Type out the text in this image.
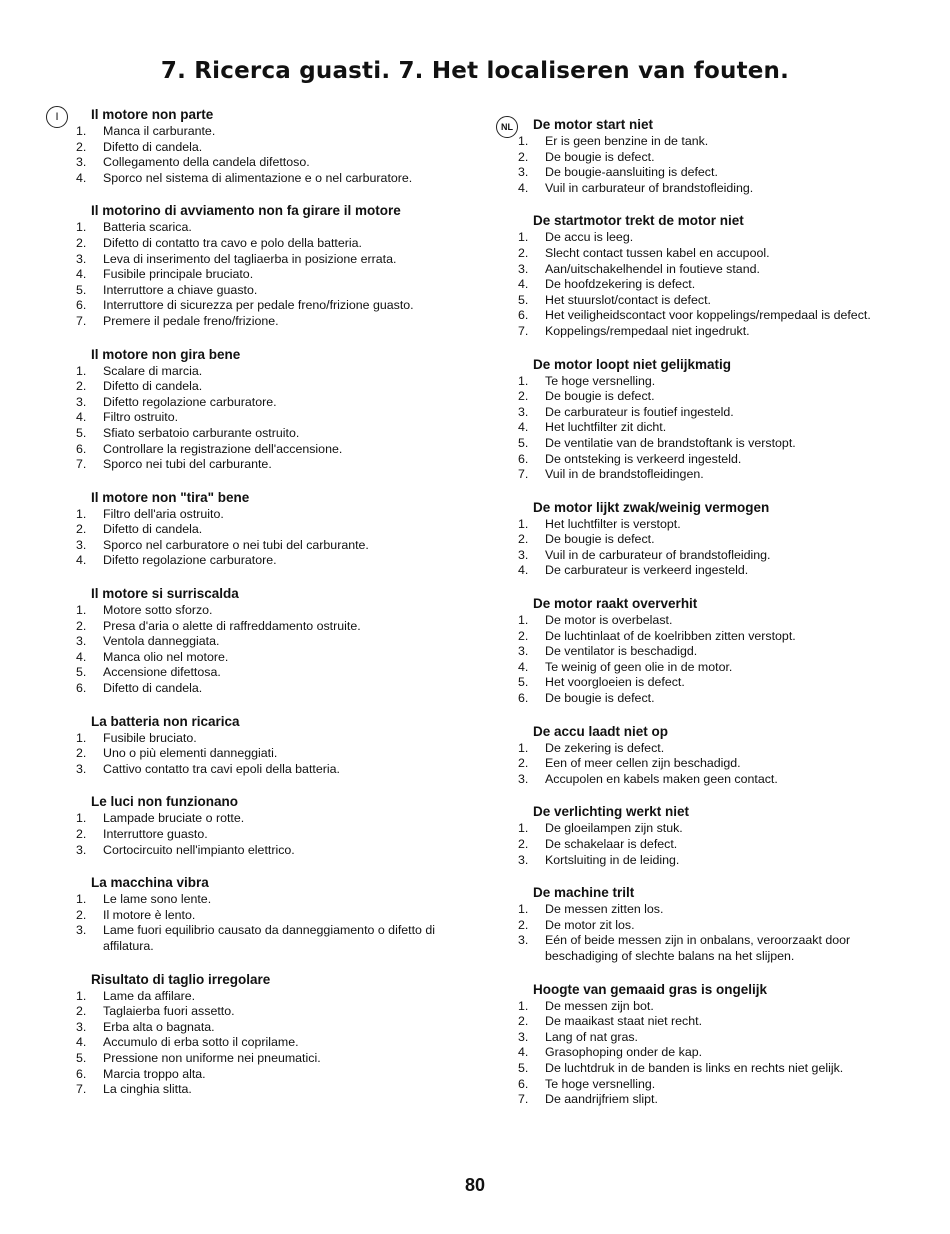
7. Ricerca guasti. 7. Het localiseren van fouten.
I
NL
Il motore non parte
1. Manca il carburante.
2. Difetto di candela.
3. Collegamento della candela difettoso.
4. Sporco nel sistema di alimentazione e o nel carburatore.
Il motorino di avviamento non fa girare il motore
1. Batteria scarica.
2. Difetto di contatto tra cavo e polo della batteria.
3. Leva di inserimento del tagliaerba in posizione errata.
4. Fusibile principale bruciato.
5. Interruttore a chiave guasto.
6. Interruttore di sicurezza per pedale freno/frizione guasto.
7. Premere il pedale freno/frizione.
Il motore non gira bene
1. Scalare di marcia.
2. Difetto di candela.
3. Difetto regolazione carburatore.
4. Filtro ostruito.
5. Sfiato serbatoio carburante ostruito.
6. Controllare la registrazione dell'accensione.
7. Sporco nei tubi del carburante.
Il motore non "tira" bene
1. Filtro dell'aria ostruito.
2. Difetto di candela.
3. Sporco nel carburatore o nei tubi del carburante.
4. Difetto regolazione carburatore.
Il motore si surriscalda
1. Motore sotto sforzo.
2. Presa d'aria o alette di raffreddamento ostruite.
3. Ventola danneggiata.
4. Manca olio nel motore.
5. Accensione difettosa.
6. Difetto di candela.
La batteria non ricarica
1. Fusibile bruciato.
2. Uno o più elementi danneggiati.
3. Cattivo contatto tra cavi epoli della batteria.
Le luci non funzionano
1. Lampade bruciate o rotte.
2. Interruttore guasto.
3. Cortocircuito nell'impianto elettrico.
La macchina vibra
1. Le lame sono lente.
2. Il motore è lento.
3. Lame fuori equilibrio causato da danneggiamento o difetto di affilatura.
Risultato di taglio irregolare
1. Lame da affilare.
2. Taglaierba fuori assetto.
3. Erba alta o bagnata.
4. Accumulo di erba sotto il coprilame.
5. Pressione non uniforme nei pneumatici.
6. Marcia troppo alta.
7. La cinghia slitta.
De motor start niet
1. Er is geen benzine in de tank.
2. De bougie is defect.
3. De bougie-aansluiting is defect.
4. Vuil in carburateur of brandstofleiding.
De startmotor trekt de motor niet
1. De accu is leeg.
2. Slecht contact tussen kabel en accupool.
3. Aan/uitschakelhendel in foutieve stand.
4. De hoofdzekering is defect.
5. Het stuurslot/contact is defect.
6. Het veiligheidscontact voor koppelings/rempedaal is defect.
7. Koppelings/rempedaal niet ingedrukt.
De motor loopt niet gelijkmatig
1. Te hoge versnelling.
2. De bougie is defect.
3. De carburateur is foutief ingesteld.
4. Het luchtfilter zit dicht.
5. De ventilatie van de brandstoftank is verstopt.
6. De ontsteking is verkeerd ingesteld.
7. Vuil in de brandstofleidingen.
De motor lijkt zwak/weinig vermogen
1. Het luchtfilter is verstopt.
2. De bougie is defect.
3. Vuil in de carburateur of brandstofleiding.
4. De carburateur is verkeerd ingesteld.
De motor raakt oververhit
1. De motor is overbelast.
2. De luchtinlaat of de koelribben zitten verstopt.
3. De ventilator is beschadigd.
4. Te weinig of geen olie in de motor.
5. Het voorgloeien is defect.
6. De bougie is defect.
De accu laadt niet op
1. De zekering is defect.
2. Een of meer cellen zijn beschadigd.
3. Accupolen en kabels maken geen contact.
De verlichting werkt niet
1. De gloeilampen zijn stuk.
2. De schakelaar is defect.
3. Kortsluiting in de leiding.
De machine trilt
1. De messen zitten los.
2. De motor zit los.
3. Eén of beide messen zijn in onbalans, veroorzaakt door beschadiging of slechte balans na het slijpen.
Hoogte van gemaaid gras is ongelijk
1. De messen zijn bot.
2. De maaikast staat niet recht.
3. Lang of nat gras.
4. Grasophoping onder de kap.
5. De luchtdruk in de banden is links en rechts niet gelijk.
6. Te hoge versnelling.
7. De aandrijfriem slipt.
80
